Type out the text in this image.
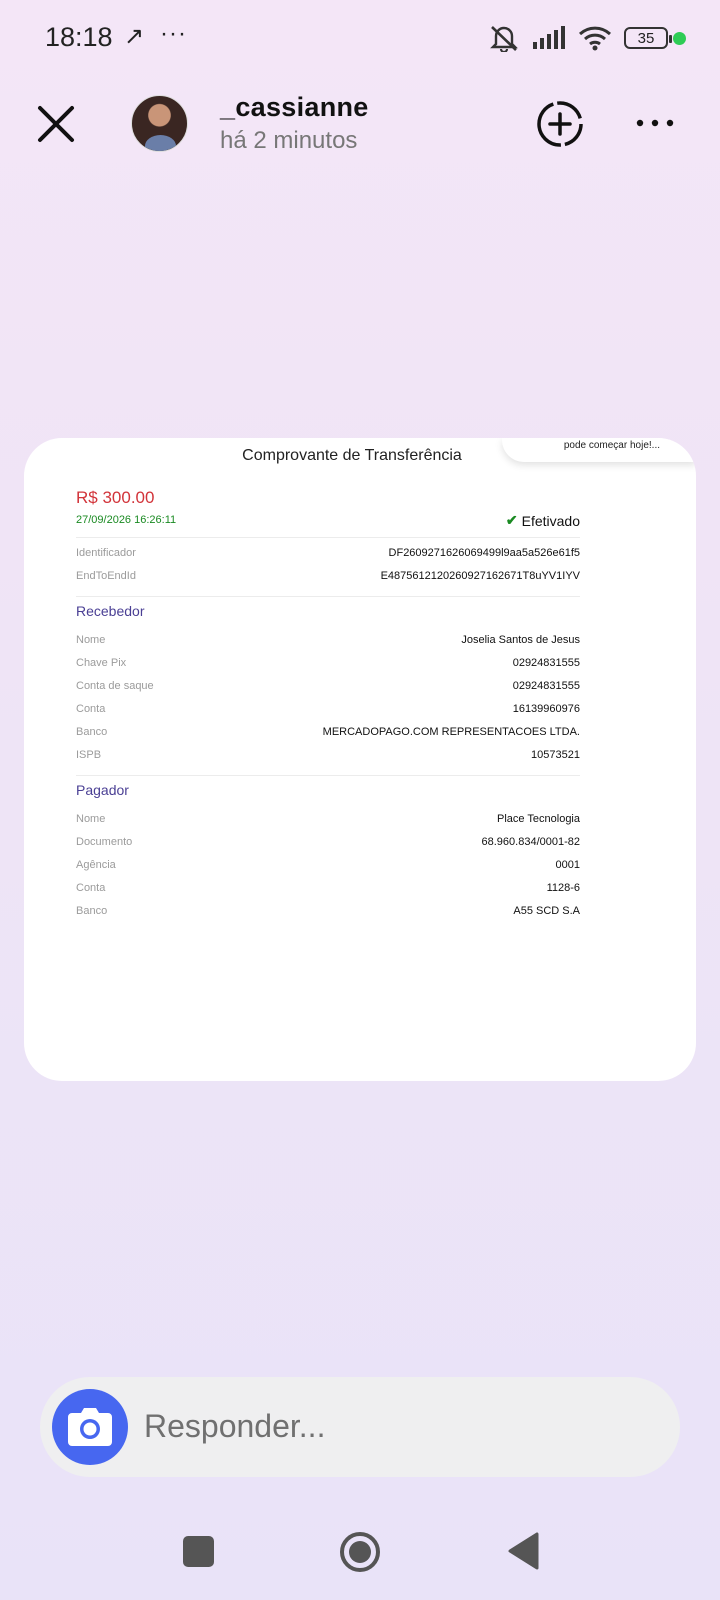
18:18 ↗ ···	35
_cassianne
há 2 minutos
pode começar hoje!...
Comprovante de Transferência
R$ 300.00
27/09/2026 16:26:11	✔ Efetivado
Identificador	DF2609271626069499l9aa5a526e61f5
EndToEndId	E4875612120260927162671T8uYV1IYV
Recebedor
Nome	Joselia Santos de Jesus
Chave Pix	02924831555
Conta de saque	02924831555
Conta	16139960976
Banco	MERCADOPAGO.COM REPRESENTACOES LTDA.
ISPB	10573521
Pagador
Nome	Place Tecnologia
Documento	68.960.834/0001-82
Agência	0001
Conta	1128-6
Banco	A55 SCD S.A
Responder...
